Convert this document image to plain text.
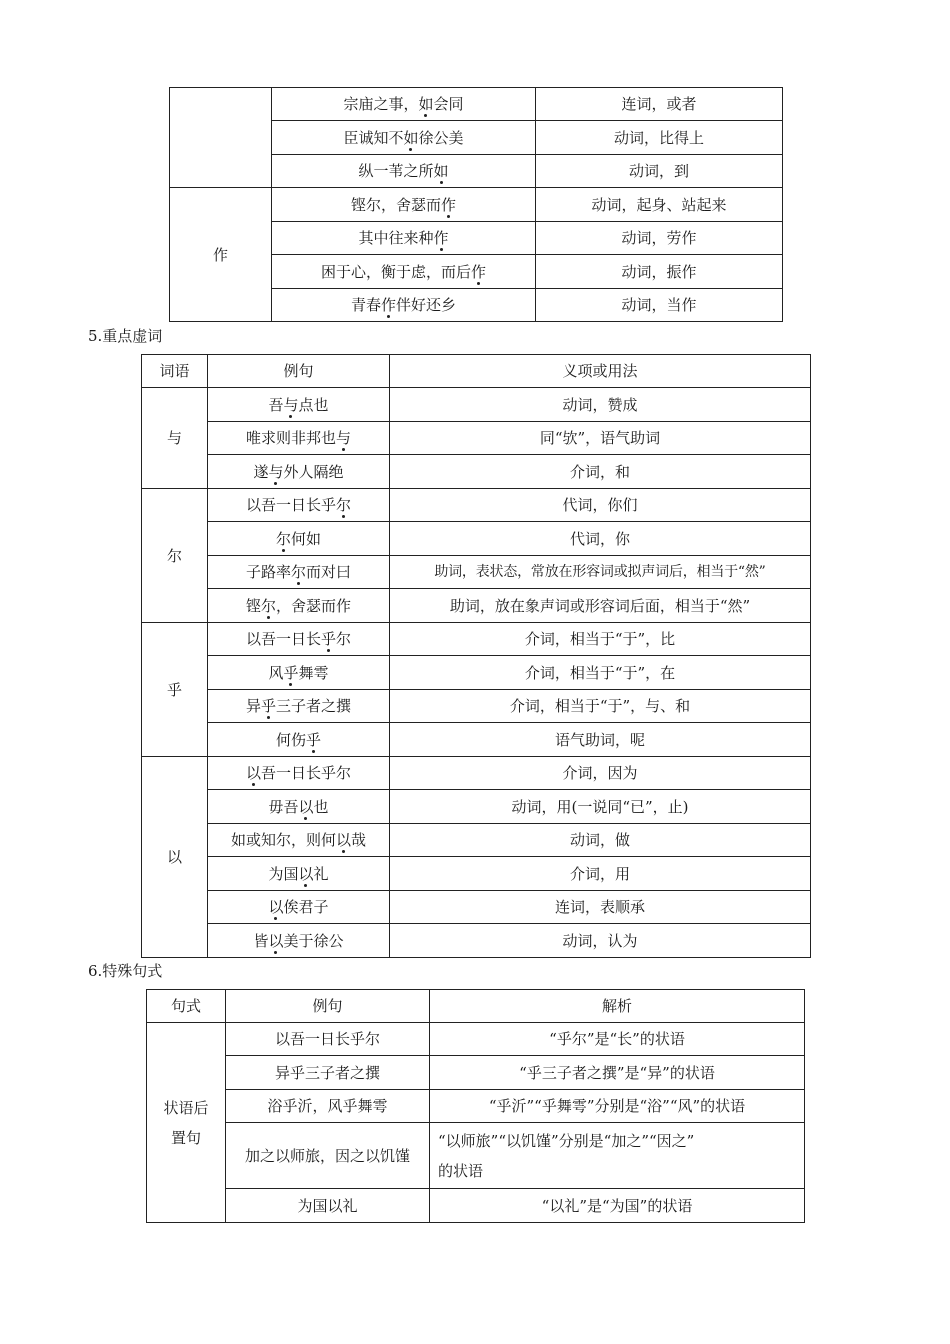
	宗庙之事，如会同	连词，或者
	臣诚知不如徐公美	动词，比得上
	纵一苇之所如	动词，到
作	铿尔，舍瑟而作	动词，起身、站起来
	其中往来种作	动词，劳作
	困于心，衡于虑，而后作	动词，振作
	青春作伴好还乡	动词，当作
5.重点虚词
词语	例句	义项或用法
与	吾与点也	动词，赞成
	唯求则非邦也与	同“欤”，语气助词
	遂与外人隔绝	介词，和
尔	以吾一日长乎尔	代词，你们
	尔何如	代词，你
	子路率尔而对曰	助词，表状态，常放在形容词或拟声词后，相当于“然”
	铿尔，舍瑟而作	助词，放在象声词或形容词后面，相当于“然”
乎	以吾一日长乎尔	介词，相当于“于”，比
	风乎舞雩	介词，相当于“于”，在
	异乎三子者之撰	介词，相当于“于”，与、和
	何伤乎	语气助词，呢
以	以吾一日长乎尔	介词，因为
	毋吾以也	动词，用(一说同“已”，止)
	如或知尔，则何以哉	动词，做
	为国以礼	介词，用
	以俟君子	连词，表顺承
	皆以美于徐公	动词，认为
6.特殊句式
句式	例句	解析

状语后
置句	以吾一日长乎尔	“乎尔”是“长”的状语
	异乎三子者之撰	“乎三子者之撰”是“异”的状语
	浴乎沂，风乎舞雩	“乎沂”“乎舞雩”分别是“浴”“风”的状语
	加之以师旅，因之以饥馑	“以师旅”“以饥馑”分别是“加之”“因之”
的状语

	为国以礼	“以礼”是“为国”的状语
